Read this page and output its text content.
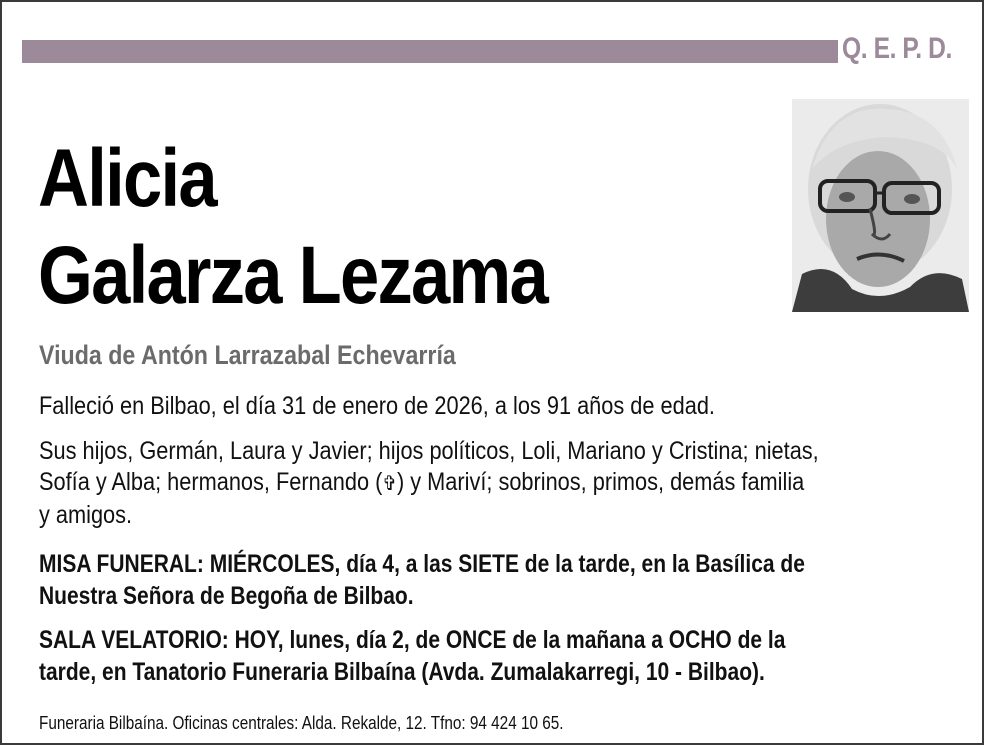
Q. E. P. D.
Alicia
Galarza Lezama
Viuda de Antón Larrazabal Echevarría
Falleció en Bilbao, el día 31 de enero de 2026, a los 91 años de edad.
Sus hijos, Germán, Laura y Javier; hijos políticos, Loli, Mariano y Cristina; nietas,
Sofía y Alba; hermanos, Fernando (✞) y Mariví; sobrinos, primos, demás familia
y amigos.
MISA FUNERAL: MIÉRCOLES, día 4, a las SIETE de la tarde, en la Basílica de
Nuestra Señora de Begoña de Bilbao.
SALA VELATORIO: HOY, lunes, día 2, de ONCE de la mañana a OCHO de la
tarde, en Tanatorio Funeraria Bilbaína (Avda. Zumalakarregi, 10 - Bilbao).
Funeraria Bilbaína. Oficinas centrales: Alda. Rekalde, 12. Tfno: 94 424 10 65.
